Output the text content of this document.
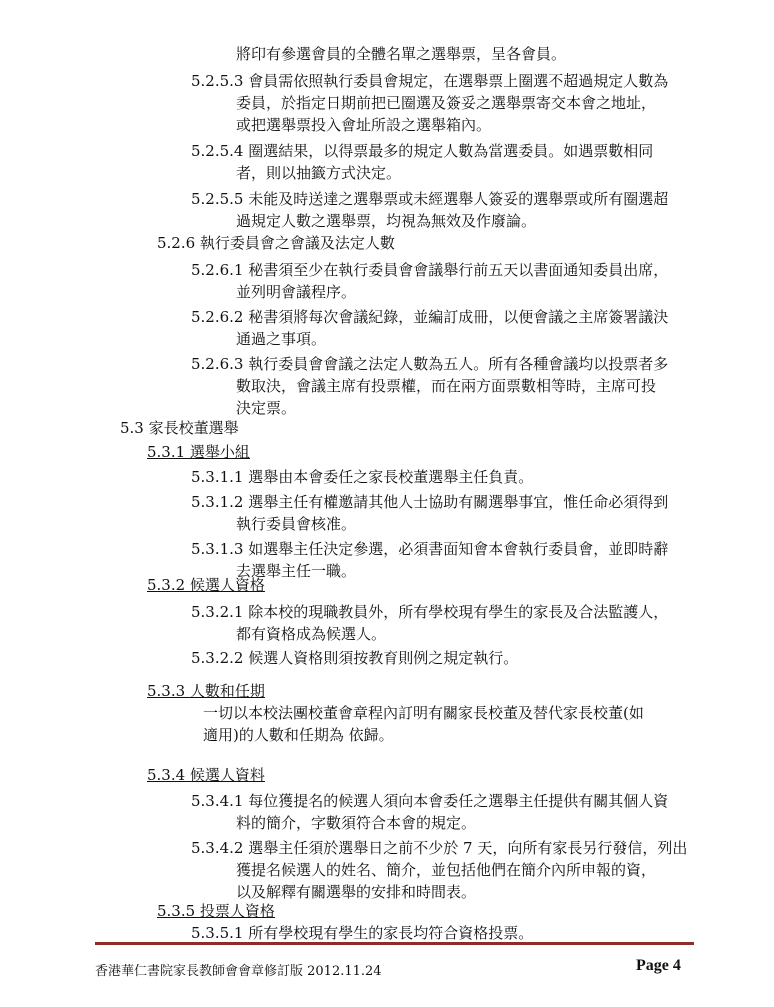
將印有參選會員的全體名單之選舉票，呈各會員。
5.2.5.3 會員需依照執行委員會規定，在選舉票上圈選不超過規定人數為
委員，於指定日期前把已圈選及簽妥之選舉票寄交本會之地址，
或把選舉票投入會址所設之選舉箱內。
5.2.5.4 圈選結果，以得票最多的規定人數為當選委員。如遇票數相同
者，則以抽籤方式決定。
5.2.5.5 未能及時送達之選舉票或未經選舉人簽妥的選舉票或所有圈選超
過規定人數之選舉票，均視為無效及作廢論。
5.2.6 執行委員會之會議及法定人數
5.2.6.1 秘書須至少在執行委員會會議舉行前五天以書面通知委員出席，
並列明會議程序。
5.2.6.2 秘書須將每次會議紀錄，並編訂成冊，以便會議之主席簽署議決
通過之事項。
5.2.6.3 執行委員會會議之法定人數為五人。所有各種會議均以投票者多
數取決，會議主席有投票權，而在兩方面票數相等時，主席可投
決定票。
5.3 家長校董選舉
5.3.1 選舉小組
5.3.1.1 選舉由本會委任之家長校董選舉主任負責。
5.3.1.2 選舉主任有權邀請其他人士協助有關選舉事宜，惟任命必須得到
執行委員會核准。
5.3.1.3 如選舉主任決定參選，必須書面知會本會執行委員會，並即時辭
去選舉主任一職。
5.3.2 候選人資格
5.3.2.1 除本校的現職教員外，所有學校現有學生的家長及合法監護人，
都有資格成為候選人。
5.3.2.2 候選人資格則須按教育則例之規定執行。
5.3.3 人數和任期
一切以本校法團校董會章程內訂明有關家長校董及替代家長校董(如
適用)的人數和任期為 依歸。
5.3.4 候選人資料
5.3.4.1 每位獲提名的候選人須向本會委任之選舉主任提供有關其個人資
料的簡介，字數須符合本會的規定。
5.3.4.2 選舉主任須於選舉日之前不少於 7 天，向所有家長另行發信，列出
獲提名候選人的姓名、簡介，並包括他們在簡介內所申報的資，
以及解釋有關選舉的安排和時間表。
5.3.5 投票人資格
5.3.5.1 所有學校現有學生的家長均符合資格投票。
香港華仁書院家長教師會會章修訂版 2012.11.24	Page 4
